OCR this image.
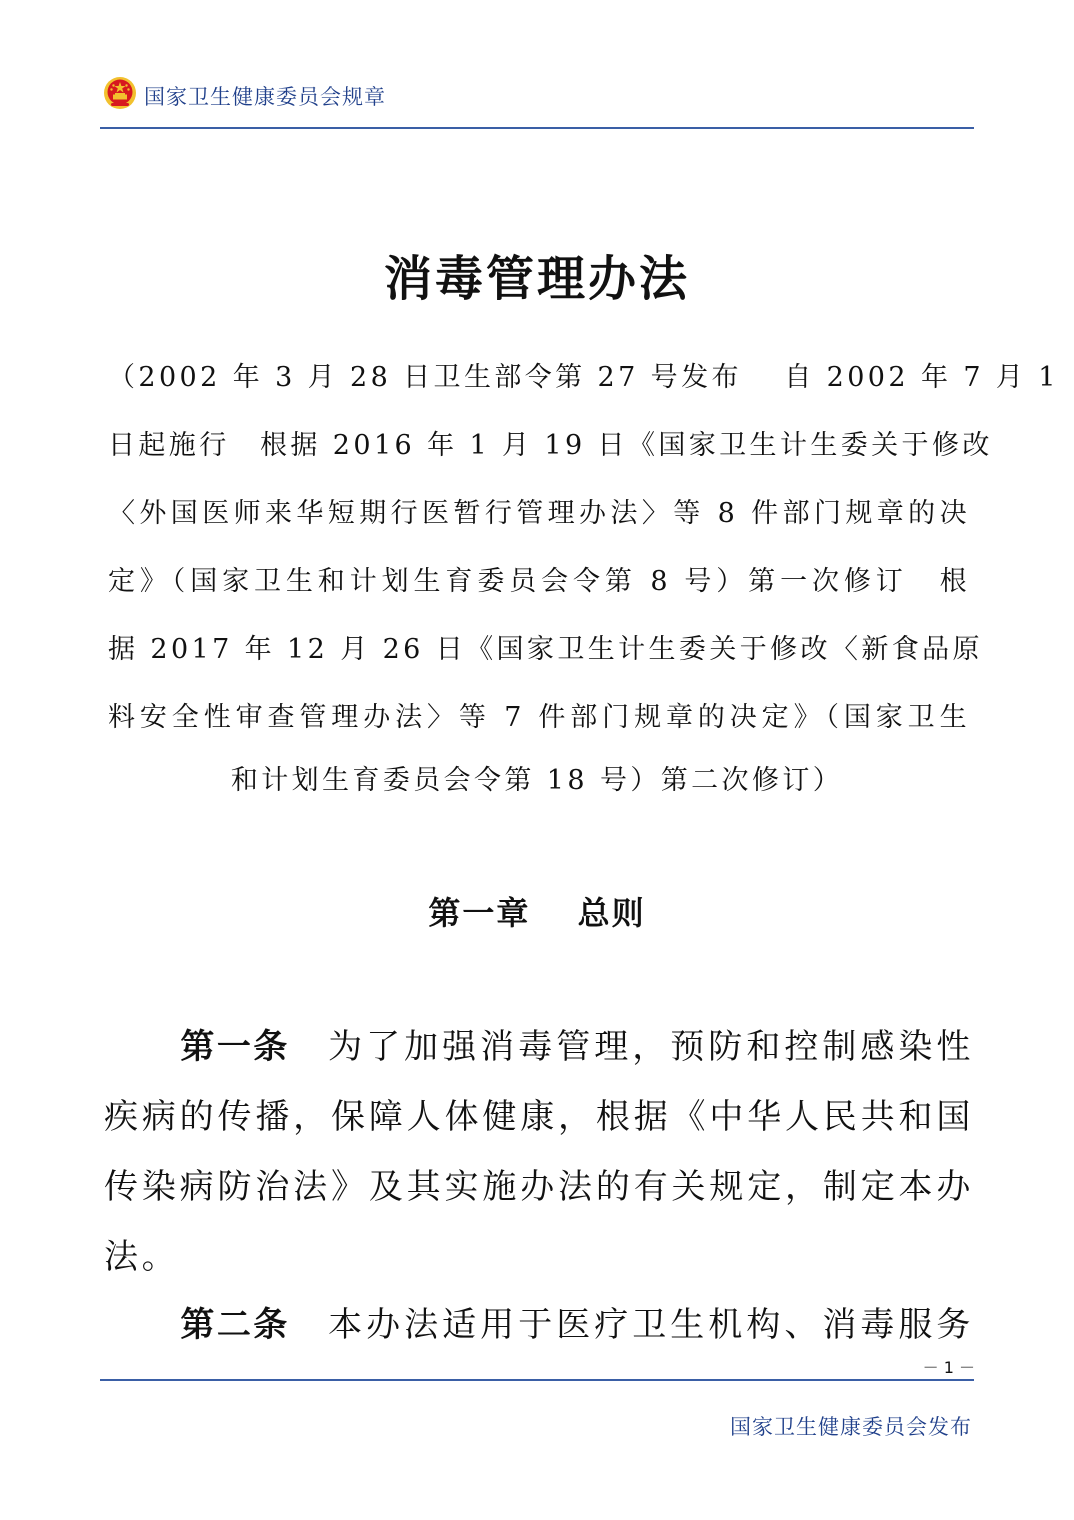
国家卫生健康委员会规章
消毒管理办法
（2002 年 3 月 28 日卫生部令第 27 号发布　 自 2002 年 7 月 1
日起施行　根据 2016 年 1 月 19 日《国家卫生计生委关于修改
〈外国医师来华短期行医暂行管理办法〉等 8 件部门规章的决
定》（国家卫生和计划生育委员会令第 8 号）第一次修订　根
据 2017 年 12 月 26 日《国家卫生计生委关于修改〈新食品原
料安全性审查管理办法〉等 7 件部门规章的决定》（国家卫生
和计划生育委员会令第 18 号）第二次修订）
第一章　 总则
第一条 为了加强消毒管理，预防和控制感染性
疾病的传播，保障人体健康，根据《中华人民共和国
传染病防治法》及其实施办法的有关规定，制定本办
法。
第二条 本办法适用于医疗卫生机构、消毒服务
－ 1 －
国家卫生健康委员会发布
